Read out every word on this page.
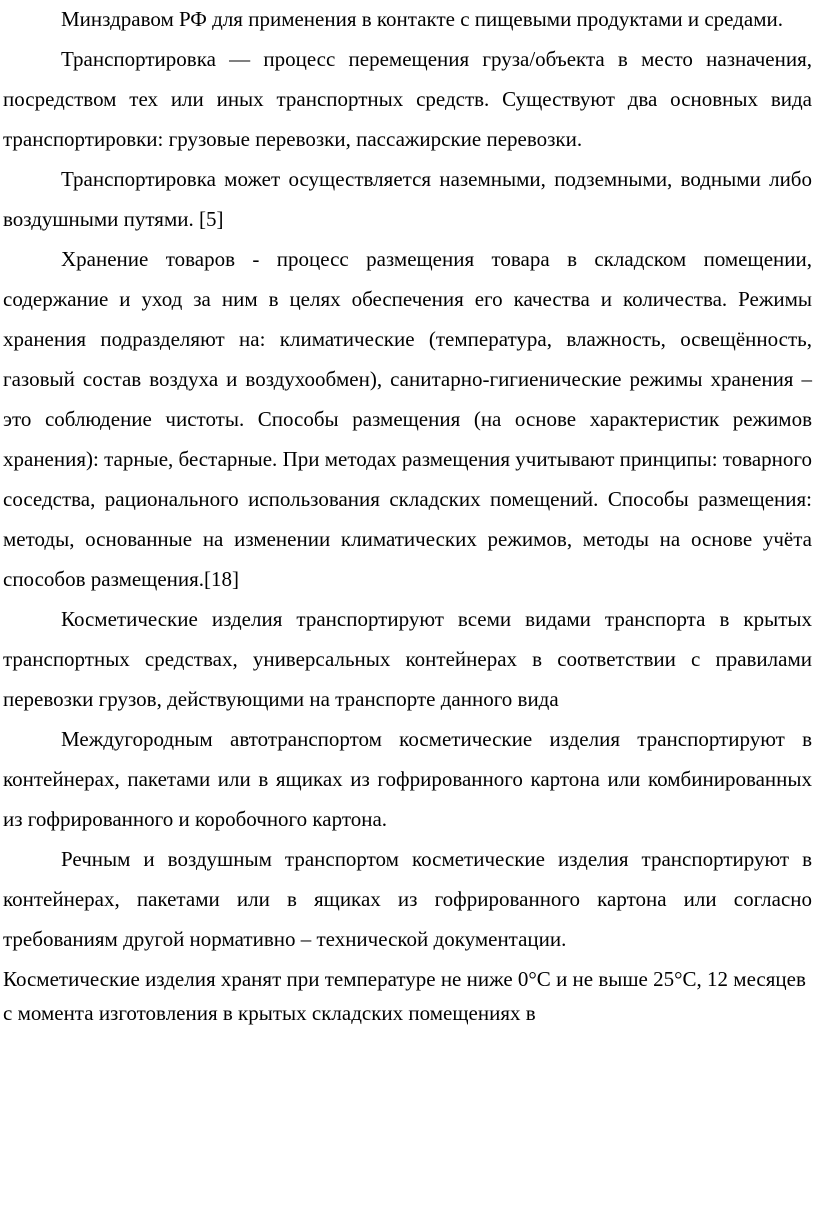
Минздравом РФ для применения в контакте с пищевыми продуктами и средами.

Транспортировка — процесс перемещения груза/объекта в место назначения, посредством тех или иных транспортных средств. Существуют два основных вида транспортировки: грузовые перевозки, пассажирские перевозки.

Транспортировка может осуществляется наземными, подземными, водными либо воздушными путями. [5]

Хранение товаров - процесс размещения товара в складском помещении, содержание и уход за ним в целях обеспечения его качества и количества. Режимы хранения подразделяют на: климатические (температура, влажность, освещённость, газовый состав воздуха и воздухообмен), санитарно-гигиенические режимы хранения – это соблюдение чистоты. Способы размещения (на основе характеристик режимов хранения): тарные, бестарные. При методах размещения учитывают принципы: товарного соседства, рационального использования складских помещений. Способы размещения: методы, основанные на изменении климатических режимов, методы на основе учёта способов размещения.[18]

Косметические изделия транспортируют всеми видами транспорта в крытых транспортных средствах, универсальных контейнерах в соответствии с правилами перевозки грузов, действующими на транспорте данного вида

Междугородным автотранспортом косметические изделия транспортируют в контейнерах, пакетами или в ящиках из гофрированного картона или комбинированных из гофрированного и коробочного картона.

Речным и воздушным транспортом косметические изделия транспортируют в контейнерах, пакетами или в ящиках из гофрированного картона или согласно требованиям другой нормативно – технической документации.

Косметические изделия хранят при температуре не ниже 0°С и не выше 25°С, 12 месяцев с момента изготовления в крытых складских помещениях в
